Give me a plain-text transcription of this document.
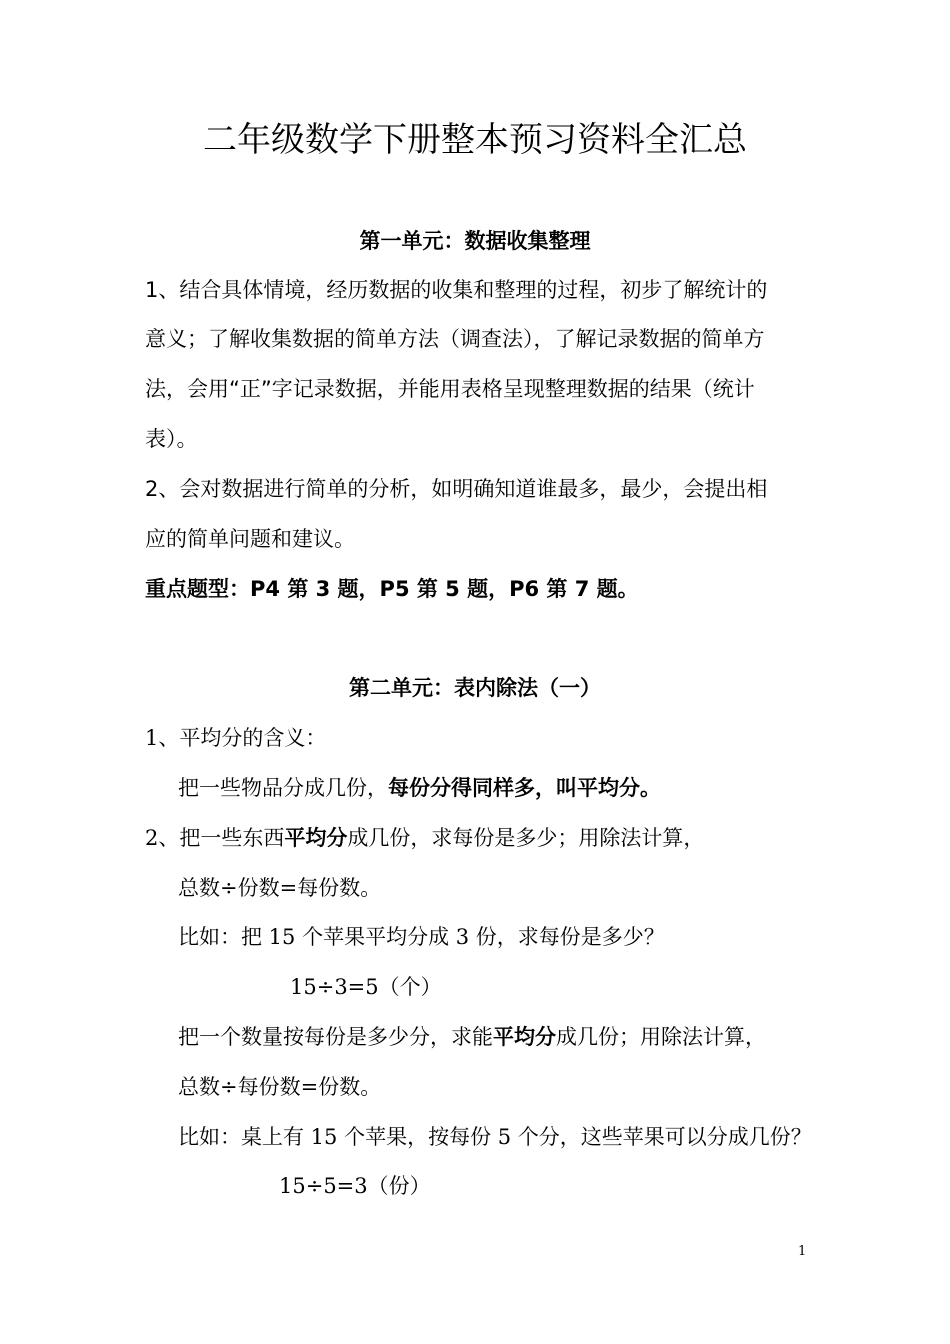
二年级数学下册整本预习资料全汇总
第一单元：数据收集整理
1、结合具体情境，经历数据的收集和整理的过程，初步了解统计的
意义；了解收集数据的简单方法（调查法），了解记录数据的简单方
法，会用“正”字记录数据，并能用表格呈现整理数据的结果（统计
表）。
2、会对数据进行简单的分析，如明确知道谁最多，最少，会提出相
应的简单问题和建议。
重点题型：P4 第 3 题，P5 第 5 题，P6 第 7 题。
第二单元：表内除法（一）
1、平均分的含义：
把一些物品分成几份，每份分得同样多，叫平均分。
2、把一些东西平均分成几份，求每份是多少；用除法计算，
总数÷份数=每份数。
比如：把 15 个苹果平均分成 3 份，求每份是多少？
15÷3=5（个）
把一个数量按每份是多少分，求能平均分成几份；用除法计算，
总数÷每份数=份数。
比如：桌上有 15 个苹果，按每份 5 个分，这些苹果可以分成几份？
15÷5=3（份）
1
